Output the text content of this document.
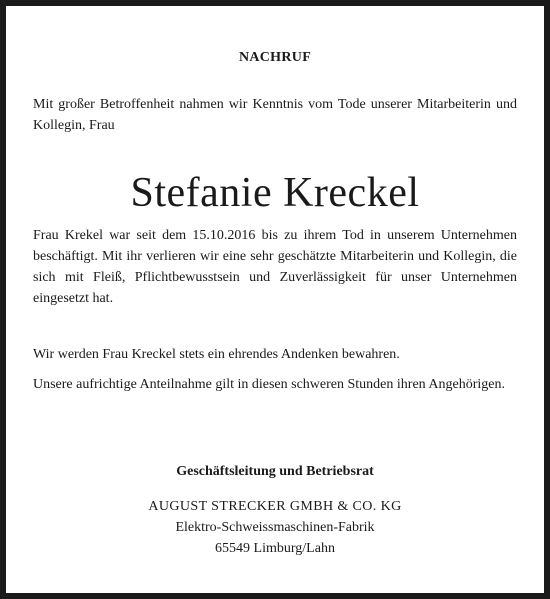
NACHRUF
Mit großer Betroffenheit nahmen wir Kenntnis vom Tode unserer Mitarbeiterin und Kollegin, Frau
Stefanie Kreckel
Frau Krekel war seit dem 15.10.2016 bis zu ihrem Tod in unserem Unternehmen beschäftigt. Mit ihr verlieren wir eine sehr geschätzte Mitarbeiterin und Kollegin, die sich mit Fleiß, Pflichtbewusstsein und Zuverlässigkeit für unser Unternehmen eingesetzt hat.
Wir werden Frau Kreckel stets ein ehrendes Andenken bewahren.
Unsere aufrichtige Anteilnahme gilt in diesen schweren Stunden ihren Angehörigen.
Geschäftsleitung und Betriebsrat
AUGUST STRECKER GMBH & CO. KG
Elektro-Schweissmaschinen-Fabrik
65549 Limburg/Lahn
